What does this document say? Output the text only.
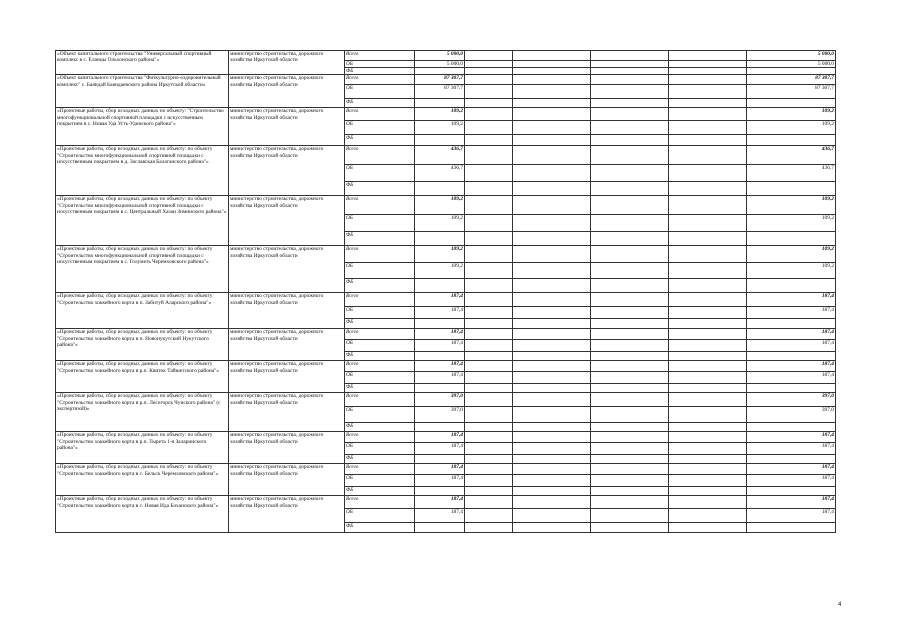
«Объект капитального строительства "Универсальный спортивный комплекс в с. Еланцы Ольхонского района"»	министерство строительства, дорожного хозяйства Иркутской области	Всего	5 000,0					5 000,0
		ОБ	5 000,0					5 000,0
		ФБ						
«Объект капитального строительства "Физкультурно-оздоровительный комплекс" с. Баяндай Баяндаевского района Иркутской области»	министерство строительства, дорожного хозяйства Иркутской области	Всего	87 307,7					87 307,7
		ОБ	87 307,7					87 307,7
		ФБ						
«Проектные работы, сбор исходных данных по объекту: "Строительство многофункциональной спортивной площадки с искусственным покрытием в с. Новая Уда Усть-Удинского района"»	министерство строительства, дорожного хозяйства Иркутской области	Всего	109,2					109,2
		ОБ	109,2					109,2
		ФБ						
«Проектные работы, сбор исходных данных по объекту: по объекту "Строительство многофункциональной спортивной площадки с искусственным покрытием в д. Заславская Балаганского района"»	министерство строительства, дорожного хозяйства Иркутской области	Всего	436,7					436,7
		ОБ	436,7					436,7
		ФБ						
«Проектные работы, сбор исходных данных по объекту: по объекту "Строительство многофункциональной спортивной площадки с искусственным покрытием в с. Центральный Хазан Зиминского района"»	министерство строительства, дорожного хозяйства Иркутской области	Всего	109,2					109,2
		ОБ	109,2					109,2
		ФБ						
«Проектные работы, сбор исходных данных по объекту: по объекту "Строительство многофункциональной спортивной площадки с искусственным покрытием в с. Голуметь Черемховского района"»	министерство строительства, дорожного хозяйства Иркутской области	Всего	109,2					109,2
		ОБ	109,2					109,2
		ФБ						
«Проектные работы, сбор исходных данных по объекту: по объекту "Строительство хоккейного корта в п. Забитуй Аларского района"»	министерство строительства, дорожного хозяйства Иркутской области	Всего	187,4					187,4
		ОБ	187,4					187,4
		ФБ						
«Проектные работы, сбор исходных данных по объекту: по объекту "Строительство хоккейного корта в п. Новонукутский Нукутского района"»	министерство строительства, дорожного хозяйства Иркутской области	Всего	187,4					187,4
		ОБ	187,4					187,4
		ФБ						
«Проектные работы, сбор исходных данных по объекту: по объекту "Строительство хоккейного корта в р.п. Квиток Тайшетского района"»	министерство строительства, дорожного хозяйства Иркутской области	Всего	187,4					187,4
		ОБ	187,4					187,4
		ФБ						
«Проектные работы, сбор исходных данных по объекту: по объекту "Строительство хоккейного корта в р.п. Лесогорск Чунского района" (с экспертизой)»	министерство строительства, дорожного хозяйства Иркутской области	Всего	397,0					397,0
		ОБ	397,0					397,0
		ФБ						
«Проектные работы, сбор исходных данных по объекту: по объекту "Строительство хоккейного корта в р.п. Тырета 1-я Заларинского района"»	министерство строительства, дорожного хозяйства Иркутской области	Всего	187,4					187,4
		ОБ	187,4					187,4
		ФБ						
«Проектные работы, сбор исходных данных по объекту: по объекту "Строительство хоккейного корта в с. Бельск Черемховского района"»	министерство строительства, дорожного хозяйства Иркутской области	Всего	187,4					187,4
		ОБ	187,4					187,4
		ФБ						
«Проектные работы, сбор исходных данных по объекту: по объекту "Строительство хоккейного корта в с. Новая Ида Боханского района"»	министерство строительства, дорожного хозяйства Иркутской области	Всего	187,4					187,4
		ОБ	187,4					187,4
		ФБ						
4
